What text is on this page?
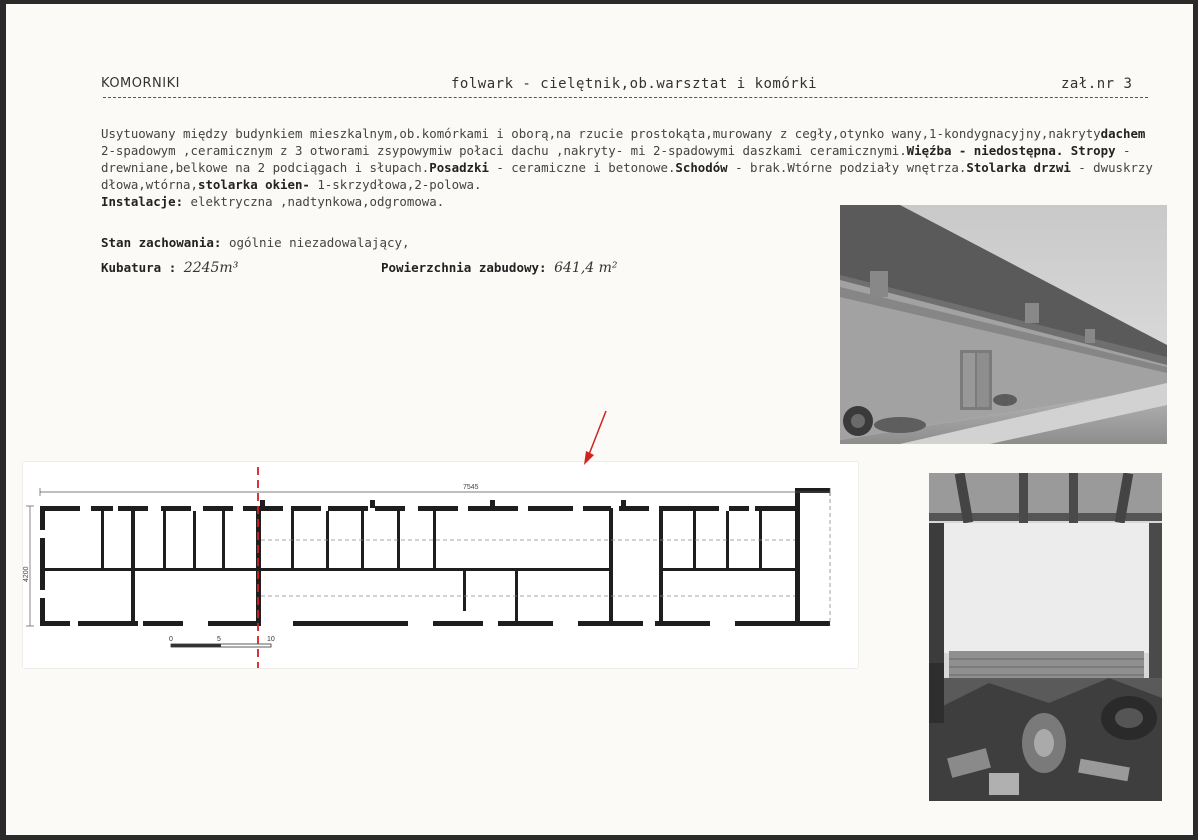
KOMORNIKI	folwark - cielętnik,ob.warsztat i komórki	zał.nr 3

Usytuowany między budynkiem mieszkalnym,ob.komórkami i oborą,na rzucie prostokąta,murowany z cegły,otynko wany,1-kondygnacyjny,nakrytydachem 2-spadowym ,ceramicznym z 3 otworami zsypowymiw połaci dachu ,nakryty- mi 2-spadowymi daszkami ceramicznymi.Więźba - niedostępna. Stropy -drewniane,belkowe na 2 podciągach i słupach.Posadzki - ceramiczne i betonowe.Schodów - brak.Wtórne podziały wnętrza.Stolarka drzwi - dwuskrzy dłowa,wtórna,stolarka okien- 1-skrzydłowa,2-polowa.

Instalacje: elektryczna ,nadtynkowa,odgromowa.

Stan zachowania: ogólnie niezadowalający,
Kubatura : 2245m³	Powierzchnia zabudowy: 641,4 m²
7545
4200
0	5	10
